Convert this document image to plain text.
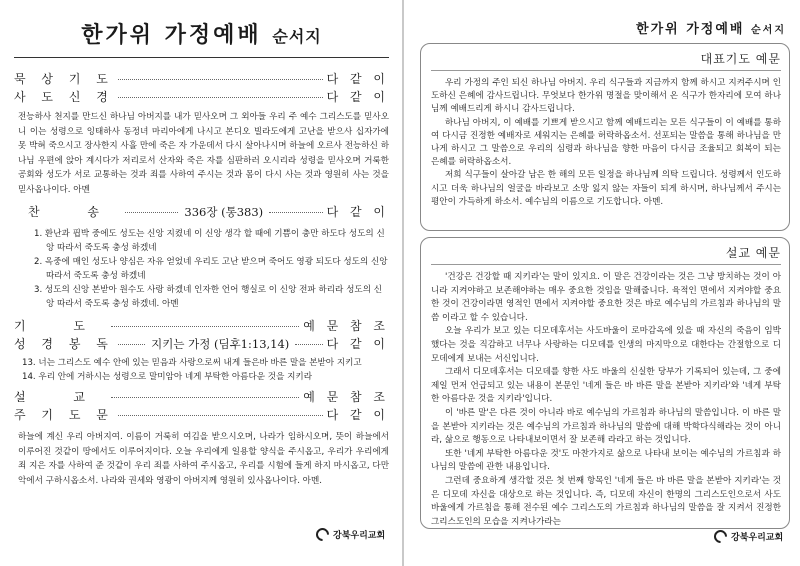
한가위 가정예배 순서지
묵 상 기 도	다 같 이
사 도 신 경	다 같 이
전능하사 천지를 만드신 하나님 아버지를 내가 믿사오며 그 외아들 우리 주 예수 그리스도를 믿사오니 이는 성령으로 잉태하사 동정녀 마리아에게 나시고 본디오 빌라도에게 고난을 받으사 십자가에 못 박혀 죽으시고 장사한지 사흘 만에 죽은 자 가운데서 다시 살아나시며 하늘에 오르사 전능하신 하나님 우편에 앉아 계시다가 저리로서 산자와 죽은 자를 심판하러 오시리라 성령을 믿사오며 거룩한 공회와 성도가 서로 교통하는 것과 죄를 사하여 주시는 것과 몸이 다시 사는 것과 영원히 사는 것을 믿사옵나이다. 아멘
찬 송	336장 (통383)	다 같 이
1. 환난과 핍박 중에도 성도는 신앙 지켰네 이 신앙 생각 할 때에 기쁨이 충만 하도다 성도의 신앙 따라서 죽도록 충성 하겠네
2. 옥중에 매인 성도나 양심은 자유 얻었네 우리도 고난 받으며 죽어도 영광 되도다 성도의 신앙 따라서 죽도록 충성 하겠네
3. 성도의 신앙 본받아 원수도 사랑 하겠네 인자한 언어 행실로 이 신앙 전파 하리라 성도의 신앙 따라서 죽도록 충성 하겠네. 아멘
기 도	예 문 참 조
성 경 봉 독	지키는 가정 (딤후1:13,14)	다 같 이
13. 너는 그리스도 예수 안에 있는 믿음과 사랑으로써 내게 들은바 바른 말을 본받아 지키고
14. 우리 안에 거하시는 성령으로 말미암아 네게 부탁한 아름다운 것을 지키라
설 교	예 문 참 조
주 기 도 문	다 같 이
하늘에 계신 우리 아버지여. 이름이 거룩히 여김을 받으시오며, 나라가 임하시오며, 뜻이 하늘에서 이루어진 것같이 땅에서도 이루어지이다. 오늘 우리에게 일용할 양식을 주시옵고, 우리가 우리에게 죄 지은 자를 사하여 준 것같이 우리 죄를 사하여 주시옵고, 우리를 시험에 들게 하지 마시옵고, 다만 악에서 구하시옵소서. 나라와 권세와 영광이 아버지께 영원히 있사옵나이다. 아멘.
강북우리교회
한가위 가정예배 순서지
대표기도 예문

우리 가정의 주인 되신 하나님 아버지. 우리 식구들과 지금까지 함께 하시고 지켜주시며 인도하신 은혜에 감사드립니다. 무엇보다 한가위 명절을 맞이해서 온 식구가 한자리에 모여 하나님께 예배드리게 하시니 감사드립니다.

하나님 아버지, 이 예배를 기쁘게 받으시고 함께 예배드리는 모든 식구들이 이 예배를 통하여 다시금 진정한 예배자로 세워지는 은혜를 허락하옵소서. 선포되는 말씀을 통해 하나님을 만나게 하시고 그 말씀으로 우리의 심령과 하나님을 향한 마음이 다시금 조율되고 회복이 되는 은혜를 허락하옵소서.

저희 식구들이 살아갈 남은 한 해의 모든 일정을 하나님께 의탁 드립니다. 성령께서 인도하시고 더욱 하나님의 얼굴을 바라보고 소망 잃지 않는 자들이 되게 하시며, 하나님께서 주시는 평안이 가득하게 하소서. 예수님의 이름으로 기도합니다. 아멘.

설교 예문

'건강은 건강할 때 지키라'는 말이 있지요. 이 말은 건강이라는 것은 그냥 방치하는 것이 아니라 지켜야하고 보존해야하는 매우 중요한 것임을 말해줍니다. 육적인 면에서 지켜야할 중요한 것이 건강이라면 영적인 면에서 지켜야할 중요한 것은 바로 예수님의 가르침과 하나님의 말씀 이라고 할 수 있습니다.

오늘 우리가 보고 있는 디모데후서는 사도바울이 로마감옥에 있을 때 자신의 죽음이 임박했다는 것을 직감하고 너무나 사랑하는 디모데를 인생의 마지막으로 대한다는 간절함으로 디모데에게 보내는 서신입니다.

그래서 디모데후서는 디모데를 향한 사도 바울의 신실한 당부가 기록되어 있는데, 그 중에 제일 먼저 언급되고 있는 내용이 본문인 '네게 들은 바 바른 말을 본받아 지키라'와 '네게 부탁한 아름다운 것을 지키라'입니다.

이 '바른 말'은 다른 것이 아니라 바로 예수님의 가르침과 하나님의 말씀입니다. 이 바른 말을 본받아 지키라는 것은 예수님의 가르침과 하나님의 말씀에 대해 박학다식해라는 것이 아니라, 삶으로 행동으로 나타내보이면서 잘 보존해 라라고 하는 것입니다.

또한 '네게 부탁한 아름다운 것'도 마찬가지로 삶으로 나타내 보이는 예수님의 가르침과 하나님의 말씀에 관한 내용입니다.

그런데 중요하게 생각할 것은 첫 번째 항목인 '네게 들은 바 바른 말을 본받아 지키라'는 것은 디모데 자신을 대상으로 하는 것입니다. 즉, 디모데 자신이 한명의 그리스도인으로서 사도바울에게 가르침을 통해 전수된 예수 그리스도의 가르침과 하나님의 말씀을 잘 지켜서 진정한 그리스도인의 모습을 지켜나가라는

강북우리교회
